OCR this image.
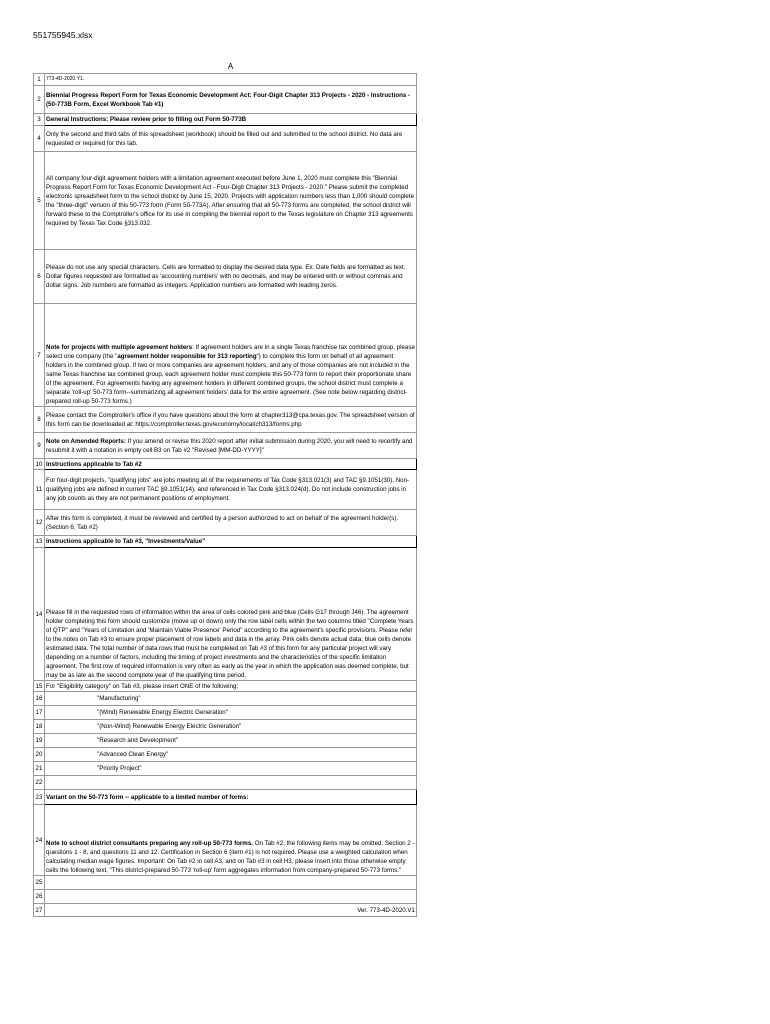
551755945.xlsx
A
1	773-4D-2020.Y1.
2	Biennial Progress Report Form for Texas Economic Development Act: Four-Digit Chapter 313 Projects - 2020 - Instructions - (50-773B Form, Excel Workbook Tab #1)
3	General Instructions: Please review prior to filling out Form 50-773B
4	Only the second and third tabs of this spreadsheet (workbook) should be filled out and submitted to the school district. No data are requested or required for this tab.
5	All company four-digit agreement holders with a limitation agreement executed before June 1, 2020 must complete this "Biennial Progress Report Form for Texas Economic Development Act - Four-Digit Chapter 313 Projects - 2020." Please submit the completed electronic spreadsheet form to the school district by June 15, 2020. Projects with application numbers less than 1,000 should complete the "three-digit" version of this 50-773 form (Form 50-773A). After ensuring that all 50-773 forms are completed, the school district will forward these to the Comptroller's office for its use in compiling the biennial report to the Texas legislature on Chapter 313 agreements required by Texas Tax Code §313.032.
6	Please do not use any special characters. Cells are formatted to display the desired data type. Ex: Date fields are formatted as text. Dollar figures requested are formatted as 'accounting numbers' with no decimals, and may be entered with or without commas and dollar signs. Job numbers are formatted as integers. Application numbers are formatted with leading zeros.
7	Note for projects with multiple agreement holders: If agreement holders are in a single Texas franchise tax combined group, please select one company (the "agreement holder responsible for 313 reporting") to complete this form on behalf of all agreement holders in the combined group. If two or more companies are agreement holders, and any of those companies are not included in the same Texas franchise tax combined group, each agreement holder must complete this 50-773 form to report their proportionate share of the agreement. For agreements having any agreement holders in different combined groups, the school district must complete a separate 'roll-up' 50-773 form--summarizing all agreement holders' data for the entire agreement. (See note below regarding district-prepared roll-up 50-773 forms.)
8	Please contact the Comptroller's office if you have questions about the form at chapter313@cpa.texas.gov. The spreadsheet version of this form can be downloaded at: https://comptroller.texas.gov/economy/local/ch313/forms.php
9	Note on Amended Reports: If you amend or revise this 2020 report after initial submission during 2020, you will need to recertify and resubmit it with a notation in empty cell B3 on Tab #2 "Revised [MM-DD-YYYY]"
10	Instructions applicable to Tab #2
11	For four-digit projects, "qualifying jobs" are jobs meeting all of the requirements of Tax Code §313.021(3) and TAC §9.1051(30). Non-qualifying jobs are defined in current TAC §9.1051(14), and referenced in Tax Code §313.024(d). Do not include construction jobs in any job counts as they are not permanent positions of employment.
12	After this form is completed, it must be reviewed and certified by a person authorized to act on behalf of the agreement holder(s). (Section 6, Tab #2)
13	Instructions applicable to Tab #3, "Investments/Value"
14	Please fill in the requested rows of information within the area of cells colored pink and blue (Cells G17 through J46). The agreement holder completing this form should customize (move up or down) only the row label cells within the two columns titled "Complete Years of QTP" and "Years of Limitation and 'Maintain Viable Presence' Period" according to the agreement's specific provisions. Please refer to the notes on Tab #3 to ensure proper placement of row labels and data in the array. Pink cells denote actual data; blue cells denote estimated data. The total number of data rows that must be completed on Tab #3 of this form for any particular project will vary depending on a number of factors, including the timing of project investments and the characteristics of the specific limitation agreement. The first row of required information is very often as early as the year in which the application was deemed complete, but may be as late as the second complete year of the qualifying time period.
15	For "Eligibility category" on Tab #3, please insert ONE of the following:
16	"Manufacturing"
17	"(Wind) Renewable Energy Electric Generation"
18	"(Non-Wind) Renewable Energy Electric Generation"
19	"Research and Development"
20	"Advanced Clean Energy"
21	"Priority Project"
22	
23	Variant on the 50-773 form -- applicable to a limited number of forms:
24	Note to school district consultants preparing any roll-up 50-773 forms. On Tab #2, the following items may be omitted: Section 2 - questions 1 - 8, and questions 11 and 12. Certification in Section 6 (item #1) is not required. Please use a weighted calculation when calculating median wage figures. Important: On Tab #2 in cell A3, and on Tab #3 in cell H3, please insert into those otherwise empty cells the following text, "This district-prepared 50-773 'roll-up' form aggregates information from company-prepared 50-773 forms."
25	
26	
27	Ver. 773-4D-2020.V1
